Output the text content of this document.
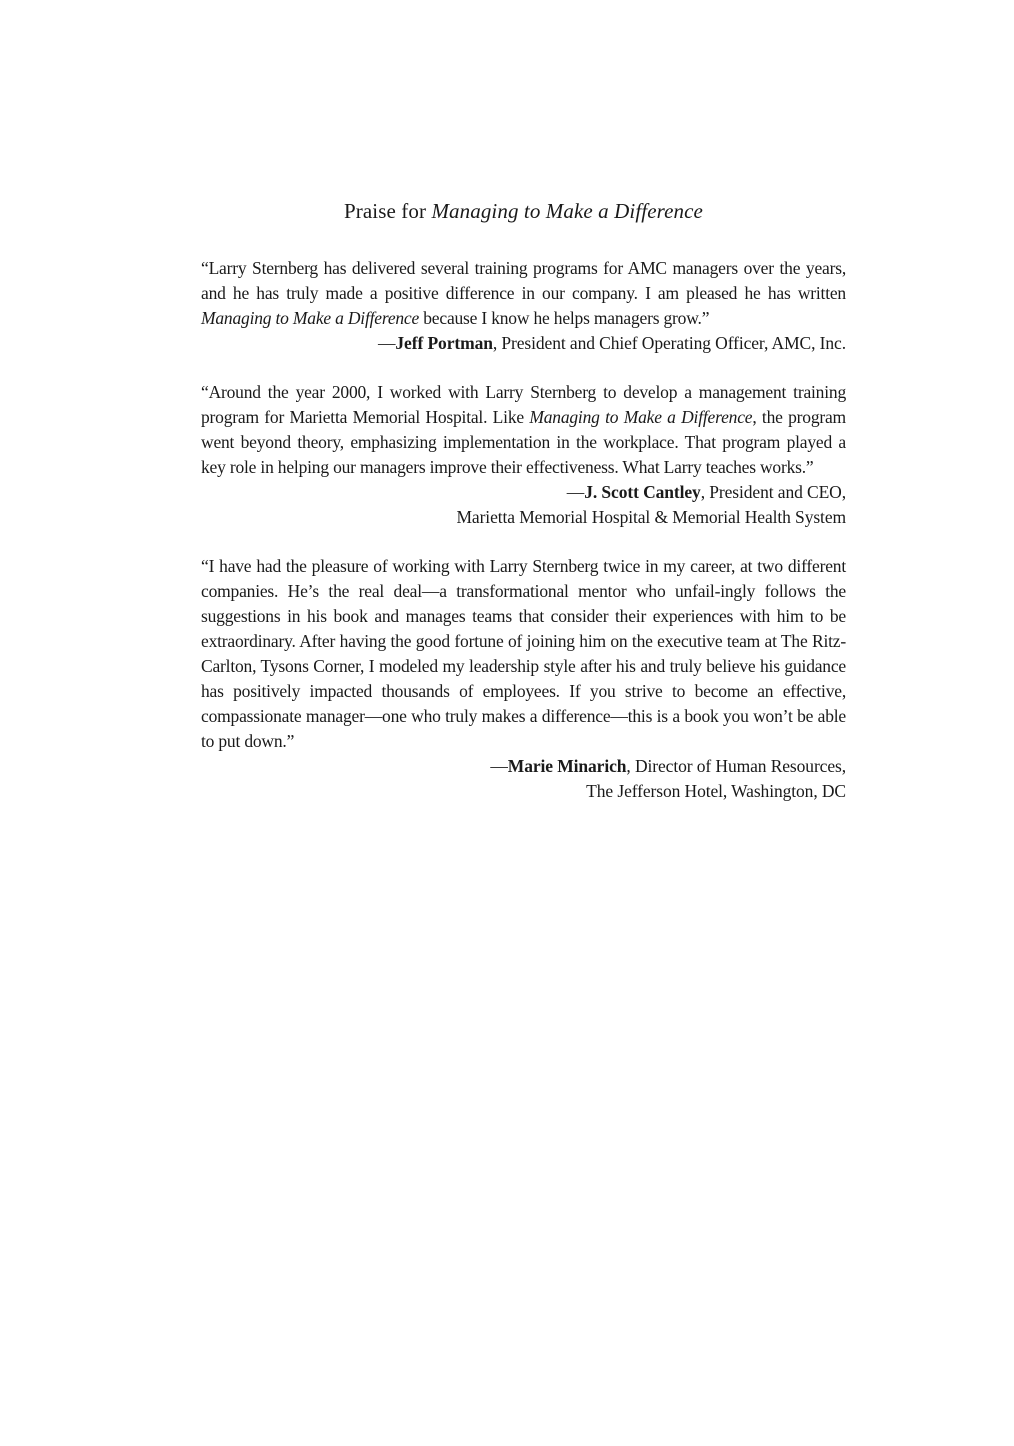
Praise for Managing to Make a Difference

“Larry Sternberg has delivered several training programs for AMC managers over the years, and he has truly made a positive difference in our company. I am pleased he has written Managing to Make a Difference because I know he helps managers grow.”

—Jeff Portman, President and Chief Operating Officer, AMC, Inc.

“Around the year 2000, I worked with Larry Sternberg to develop a management training program for Marietta Memorial Hospital. Like Managing to Make a Difference, the program went beyond theory, emphasizing implementation in the workplace. That program played a key role in helping our managers improve their effectiveness. What Larry teaches works.”

—J. Scott Cantley, President and CEO,

Marietta Memorial Hospital & Memorial Health System

“I have had the pleasure of working with Larry Sternberg twice in my career, at two different companies. He’s the real deal—a transformational mentor who unfail-ingly follows the suggestions in his book and manages teams that consider their experiences with him to be extraordinary. After having the good fortune of joining him on the executive team at The Ritz-Carlton, Tysons Corner, I modeled my leadership style after his and truly believe his guidance has positively impacted thousands of employees. If you strive to become an effective, compassionate manager—one who truly makes a difference—this is a book you won’t be able to put down.”

—Marie Minarich, Director of Human Resources,

The Jefferson Hotel, Washington, DC
